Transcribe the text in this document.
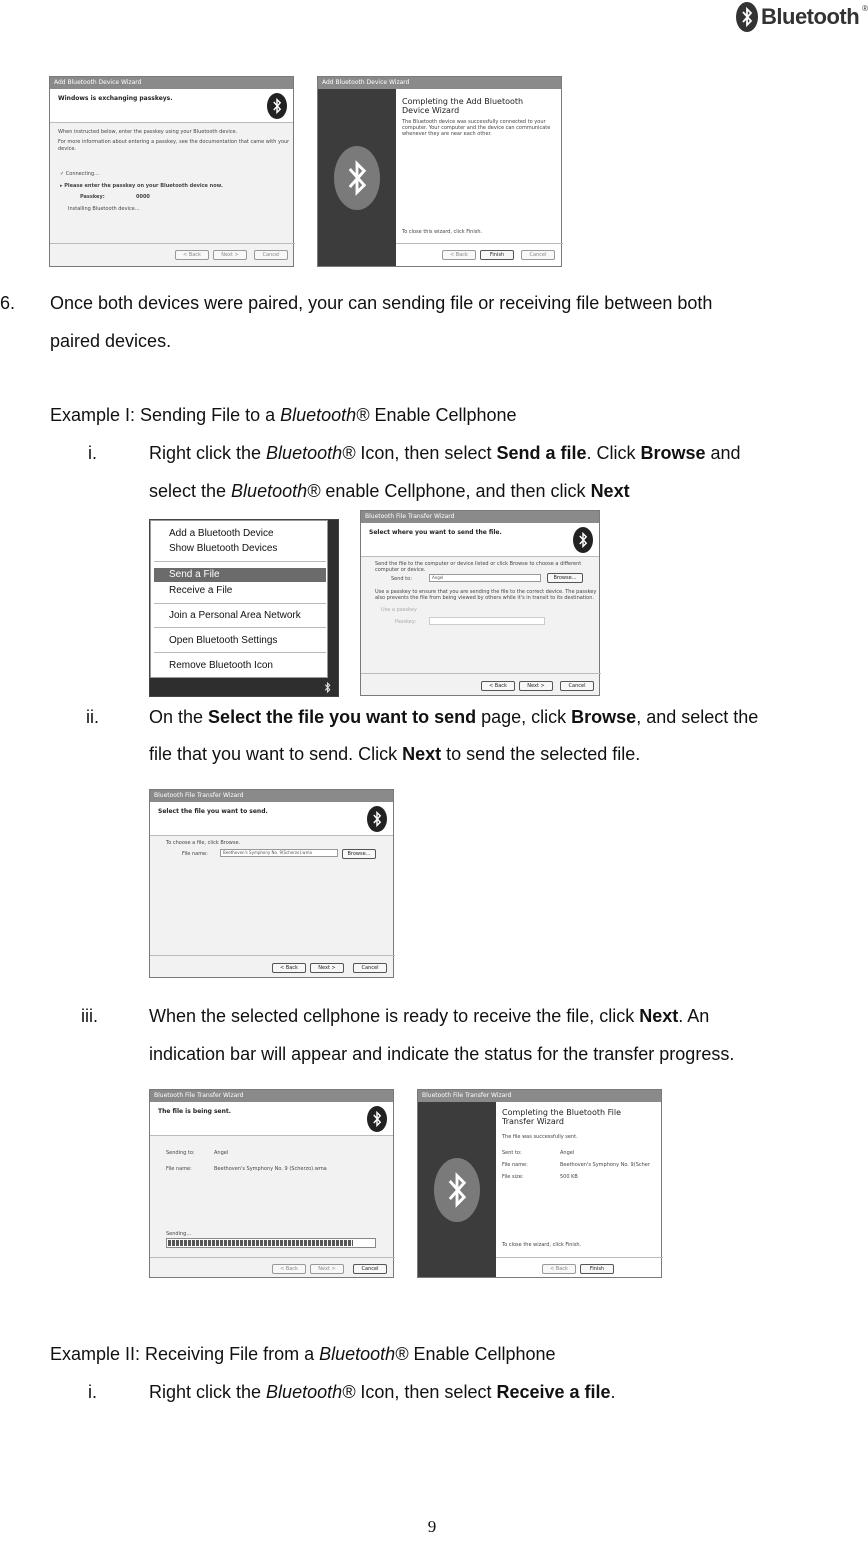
Bluetooth ®
Add Bluetooth Device Wizard
Windows is exchanging passkeys.
When instructed below, enter the passkey using your Bluetooth device.
For more information about entering a passkey, see the documentation that came with your
device.
✓ Connecting...
▸ Please enter the passkey on your Bluetooth device now.
Passkey:	0000
Installing Bluetooth device...
< Back	Next >	Cancel
Add Bluetooth Device Wizard
Completing the Add Bluetooth Device Wizard
The Bluetooth device was successfully connected to your
computer. Your computer and the device can communicate
whenever they are near each other.
To close this wizard, click Finish.
< Back	Finish	Cancel
6. Once both devices were paired, your can sending file or receiving file between both
paired devices.
Example I: Sending File to a Bluetooth® Enable Cellphone
i.	Right click the Bluetooth® Icon, then select Send a file. Click Browse and
select the Bluetooth® enable Cellphone, and then click Next
Add a Bluetooth Device
Show Bluetooth Devices
Send a File
Receive a File
Join a Personal Area Network
Open Bluetooth Settings
Remove Bluetooth Icon
Bluetooth File Transfer Wizard
Select where you want to send the file.
Send the file to the computer or device listed or click Browse to choose a different
computer or device.
Send to:	Angel	Browse...
Use a passkey to ensure that you are sending the file to the correct device. The passkey
also prevents the file from being viewed by others while it's in transit to its destination.
Use a passkey
Passkey:
< Back	Next >	Cancel
ii.	On the Select the file you want to send page, click Browse, and select the
file that you want to send. Click Next to send the selected file.
Bluetooth File Transfer Wizard
Select the file you want to send.
To choose a file, click Browse.
File name:	Beethoven's Symphony No. 9(Scherzo).wma	Browse...
< Back	Next >	Cancel
iii.	When the selected cellphone is ready to receive the file, click Next. An
indication bar will appear and indicate the status for the transfer progress.
Bluetooth File Transfer Wizard
The file is being sent.
Sending to:	Angel
File name:	Beethoven's Symphony No. 9 (Scherzo).wma
Sending...
< Back	Next >	Cancel
Bluetooth File Transfer Wizard
Completing the Bluetooth File Transfer Wizard
The file was successfully sent.
Sent to:	Angel
File name:	Beethoven's Symphony No. 9(Scher
File size:	500 KB
To close the wizard, click Finish.
< Back	Finish
Example II: Receiving File from a Bluetooth® Enable Cellphone
i.	Right click the Bluetooth® Icon, then select Receive a file.
9
